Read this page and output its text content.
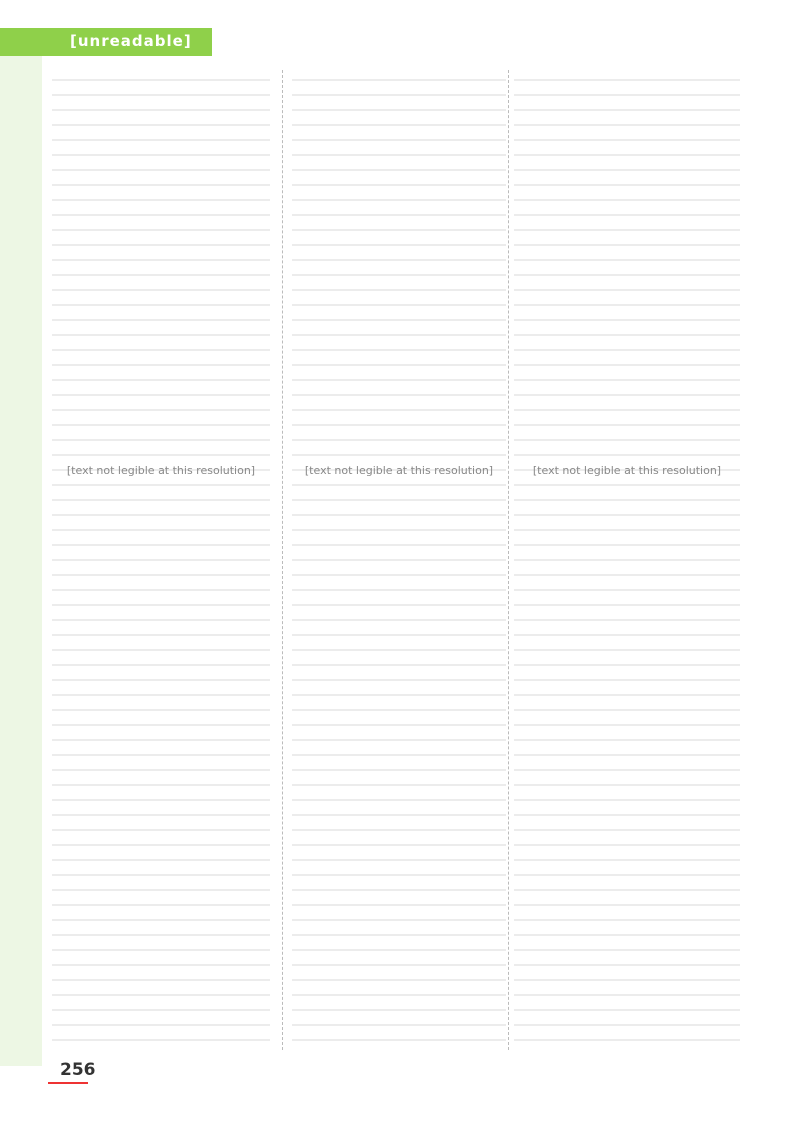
[unreadable]
[text not legible at this resolution]	[text not legible at this resolution]	[text not legible at this resolution]
256
